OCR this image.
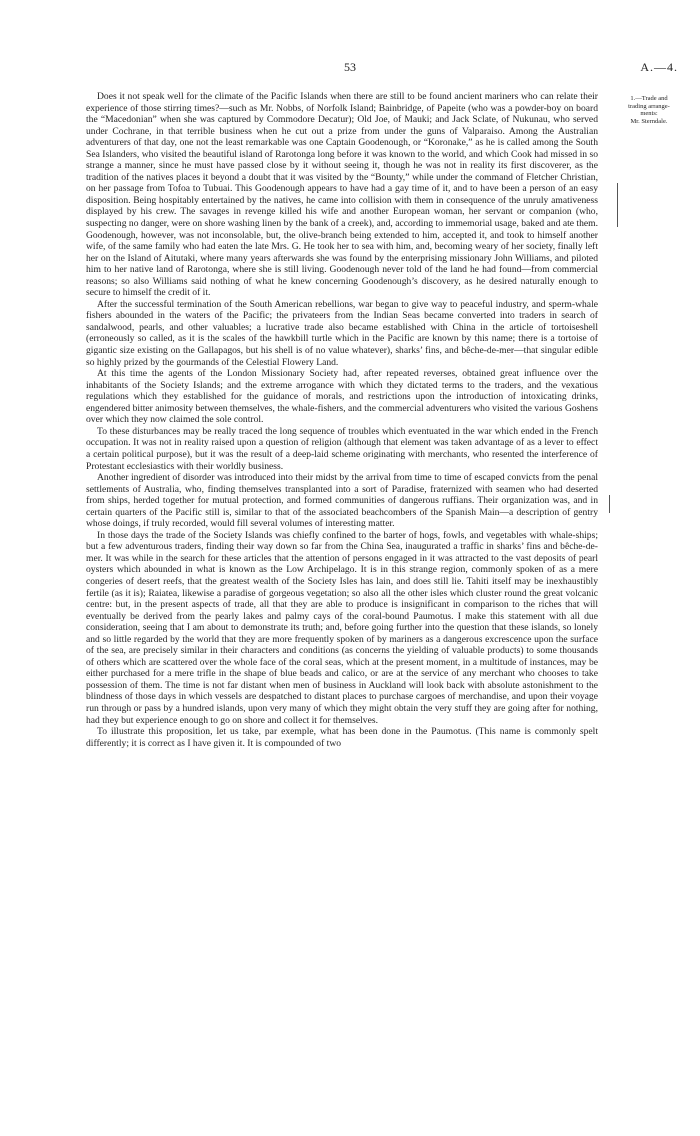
53	A.—4.
1.—Trade and
trading arrange-
ments:
Mr. Sterndale.

Does it not speak well for the climate of the Pacific Islands when there are still to be found ancient mariners who can relate their experience of those stirring times?—such as Mr. Nobbs, of Norfolk Island; Bainbridge, of Papeite (who was a powder-boy on board the “Macedonian” when she was captured by Commodore Decatur); Old Joe, of Mauki; and Jack Sclate, of Nukunau, who served under Cochrane, in that terrible business when he cut out a prize from under the guns of Valparaiso. Among the Australian adventurers of that day, one not the least remarkable was one Captain Goodenough, or “Koronake,” as he is called among the South Sea Islanders, who visited the beautiful island of Rarotonga long before it was known to the world, and which Cook had missed in so strange a manner, since he must have passed close by it without seeing it, though he was not in reality its first discoverer, as the tradition of the natives places it beyond a doubt that it was visited by the “Bounty,” while under the command of Fletcher Christian, on her passage from Tofoa to Tubuai. This Goodenough appears to have had a gay time of it, and to have been a person of an easy disposition. Being hospitably entertained by the natives, he came into collision with them in consequence of the unruly amativeness displayed by his crew. The savages in revenge killed his wife and another European woman, her servant or companion (who, suspecting no danger, were on shore washing linen by the bank of a creek), and, according to immemorial usage, baked and ate them. Goodenough, however, was not inconsolable, but, the olive-branch being extended to him, accepted it, and took to himself another wife, of the same family who had eaten the late Mrs. G. He took her to sea with him, and, becoming weary of her society, finally left her on the Island of Aitutaki, where many years afterwards she was found by the enterprising missionary John Williams, and piloted him to her native land of Rarotonga, where she is still living. Goodenough never told of the land he had found—from commercial reasons; so also Williams said nothing of what he knew concerning Goodenough’s discovery, as he desired naturally enough to secure to himself the credit of it.

After the successful termination of the South American rebellions, war began to give way to peaceful industry, and sperm-whale fishers abounded in the waters of the Pacific; the privateers from the Indian Seas became converted into traders in search of sandalwood, pearls, and other valuables; a lucrative trade also became established with China in the article of tortoiseshell (erroneously so called, as it is the scales of the hawkbill turtle which in the Pacific are known by this name; there is a tortoise of gigantic size existing on the Gallapagos, but his shell is of no value whatever), sharks’ fins, and bêche-de-mer—that singular edible so highly prized by the gourmands of the Celestial Flowery Land.

At this time the agents of the London Missionary Society had, after repeated reverses, obtained great influence over the inhabitants of the Society Islands; and the extreme arrogance with which they dictated terms to the traders, and the vexatious regulations which they established for the guidance of morals, and restrictions upon the introduction of intoxicating drinks, engendered bitter animosity between themselves, the whale-fishers, and the commercial adventurers who visited the various Goshens over which they now claimed the sole control.

To these disturbances may be really traced the long sequence of troubles which eventuated in the war which ended in the French occupation. It was not in reality raised upon a question of religion (although that element was taken advantage of as a lever to effect a certain political purpose), but it was the result of a deep-laid scheme originating with merchants, who resented the interference of Protestant ecclesiastics with their worldly business.

Another ingredient of disorder was introduced into their midst by the arrival from time to time of escaped convicts from the penal settlements of Australia, who, finding themselves transplanted into a sort of Paradise, fraternized with seamen who had deserted from ships, herded together for mutual protection, and formed communities of dangerous ruffians. Their organization was, and in certain quarters of the Pacific still is, similar to that of the associated beachcombers of the Spanish Main—a description of gentry whose doings, if truly recorded, would fill several volumes of interesting matter.

In those days the trade of the Society Islands was chiefly confined to the barter of hogs, fowls, and vegetables with whale-ships; but a few adventurous traders, finding their way down so far from the China Sea, inaugurated a traffic in sharks’ fins and bêche-de-mer. It was while in the search for these articles that the attention of persons engaged in it was attracted to the vast deposits of pearl oysters which abounded in what is known as the Low Archipelago. It is in this strange region, commonly spoken of as a mere congeries of desert reefs, that the greatest wealth of the Society Isles has lain, and does still lie. Tahiti itself may be inexhaustibly fertile (as it is); Raiatea, likewise a paradise of gorgeous vegetation; so also all the other isles which cluster round the great volcanic centre: but, in the present aspects of trade, all that they are able to produce is insignificant in comparison to the riches that will eventually be derived from the pearly lakes and palmy cays of the coral-bound Paumotus. I make this statement with all due consideration, seeing that I am about to demonstrate its truth; and, before going further into the question that these islands, so lonely and so little regarded by the world that they are more frequently spoken of by mariners as a dangerous excrescence upon the surface of the sea, are precisely similar in their characters and conditions (as concerns the yielding of valuable products) to some thousands of others which are scattered over the whole face of the coral seas, which at the present moment, in a multitude of instances, may be either purchased for a mere trifle in the shape of blue beads and calico, or are at the service of any merchant who chooses to take possession of them. The time is not far distant when men of business in Auckland will look back with absolute astonishment to the blindness of those days in which vessels are despatched to distant places to purchase cargoes of merchandise, and upon their voyage run through or pass by a hundred islands, upon very many of which they might obtain the very stuff they are going after for nothing, had they but experience enough to go on shore and collect it for themselves.

To illustrate this proposition, let us take, par exemple, what has been done in the Paumotus. (This name is commonly spelt differently; it is correct as I have given it. It is compounded of two
